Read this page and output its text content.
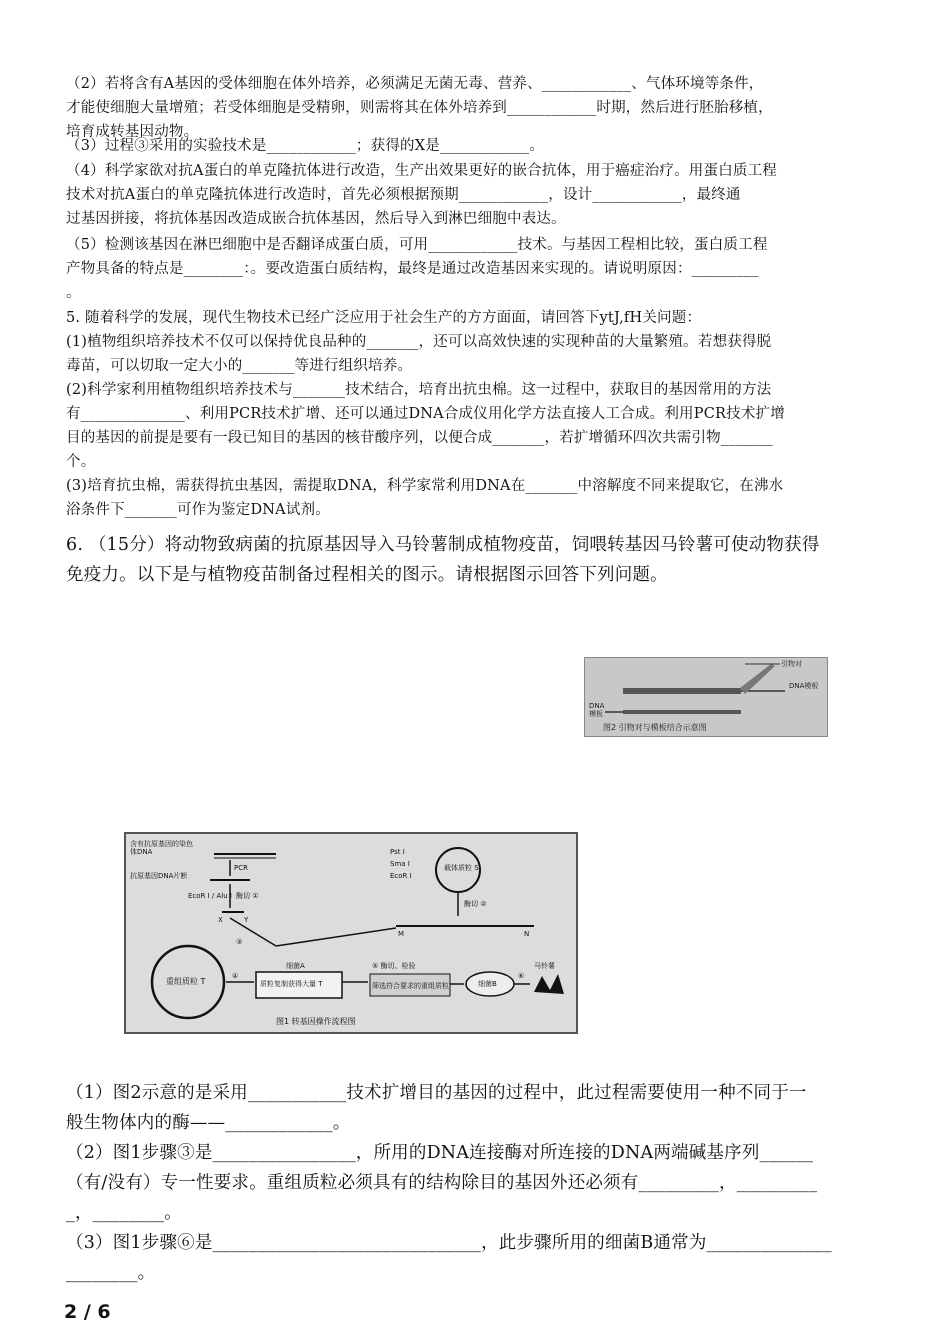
（2）若将含有A基因的受体细胞在体外培养，必须满足无菌无毒、营养、____________、气体环境等条件，

才能使细胞大量增殖；若受体细胞是受精卵，则需将其在体外培养到____________时期，然后进行胚胎移植，

培育成转基因动物。

（3）过程③采用的实验技术是____________；获得的X是____________。

（4）科学家欲对抗A蛋白的单克隆抗体进行改造，生产出效果更好的嵌合抗体，用于癌症治疗。用蛋白质工程

技术对抗A蛋白的单克隆抗体进行改造时，首先必须根据预期____________，设计____________，最终通

过基因拼接，将抗体基因改造成嵌合抗体基因，然后导入到淋巴细胞中表达。

（5）检测该基因在淋巴细胞中是否翻译成蛋白质，可用____________技术。与基因工程相比较，蛋白质工程

产物具备的特点是________：。要改造蛋白质结构，最终是通过改造基因来实现的。请说明原因：_________

。

5. 随着科学的发展，现代生物技术已经广泛应用于社会生产的方方面面，请回答下ytJ,fH关问题：

(1)植物组织培养技术不仅可以保持优良品种的_______，还可以高效快速的实现种苗的大量繁殖。若想获得脱

毒苗，可以切取一定大小的_______等进行组织培养。

(2)科学家利用植物组织培养技术与_______技术结合，培育出抗虫棉。这一过程中，获取目的基因常用的方法

有______________、利用PCR技术扩增、还可以通过DNA合成仪用化学方法直接人工合成。利用PCR技术扩增

目的基因的前提是要有一段已知目的基因的核苷酸序列，以便合成_______，若扩增循环四次共需引物_______

个。

(3)培育抗虫棉，需获得抗虫基因，需提取DNA，科学家常利用DNA在_______中溶解度不同来提取它，在沸水

浴条件下_______可作为鉴定DNA试剂。

6. （15分）将动物致病菌的抗原基因导入马铃薯制成植物疫苗，饲喂转基因马铃薯可使动物获得

免疫力。以下是与植物疫苗制备过程相关的图示。请根据图示回答下列问题。

引物对
DNA模板
DNA模板
图2 引物对与模板结合示意图
含有抗原基因的染色体DNA
PCR
抗原基因DNA片断
EcoR I / Alu I 酶切 ①
X	Y
Pst I
Sma I
EcoR I
载体质粒 S
酶切 ②
M	N
③
重组质粒 T
④
细菌A
质粒复制获得大量 T
⑤ 酶切、检验
筛选符合要求的重组质粒	细菌B
⑥
马铃薯
图1 转基因操作流程图

（1）图2示意的是采用___________技术扩增目的基因的过程中，此过程需要使用一种不同于一

般生物体内的酶——____________。

（2）图1步骤③是________________，所用的DNA连接酶对所连接的DNA两端碱基序列______

（有/没有）专一性要求。重组质粒必须具有的结构除目的基因外还必须有_________，_________

_，________。

（3）图1步骤⑥是______________________________，此步骤所用的细菌B通常为______________

________。

2 / 6
